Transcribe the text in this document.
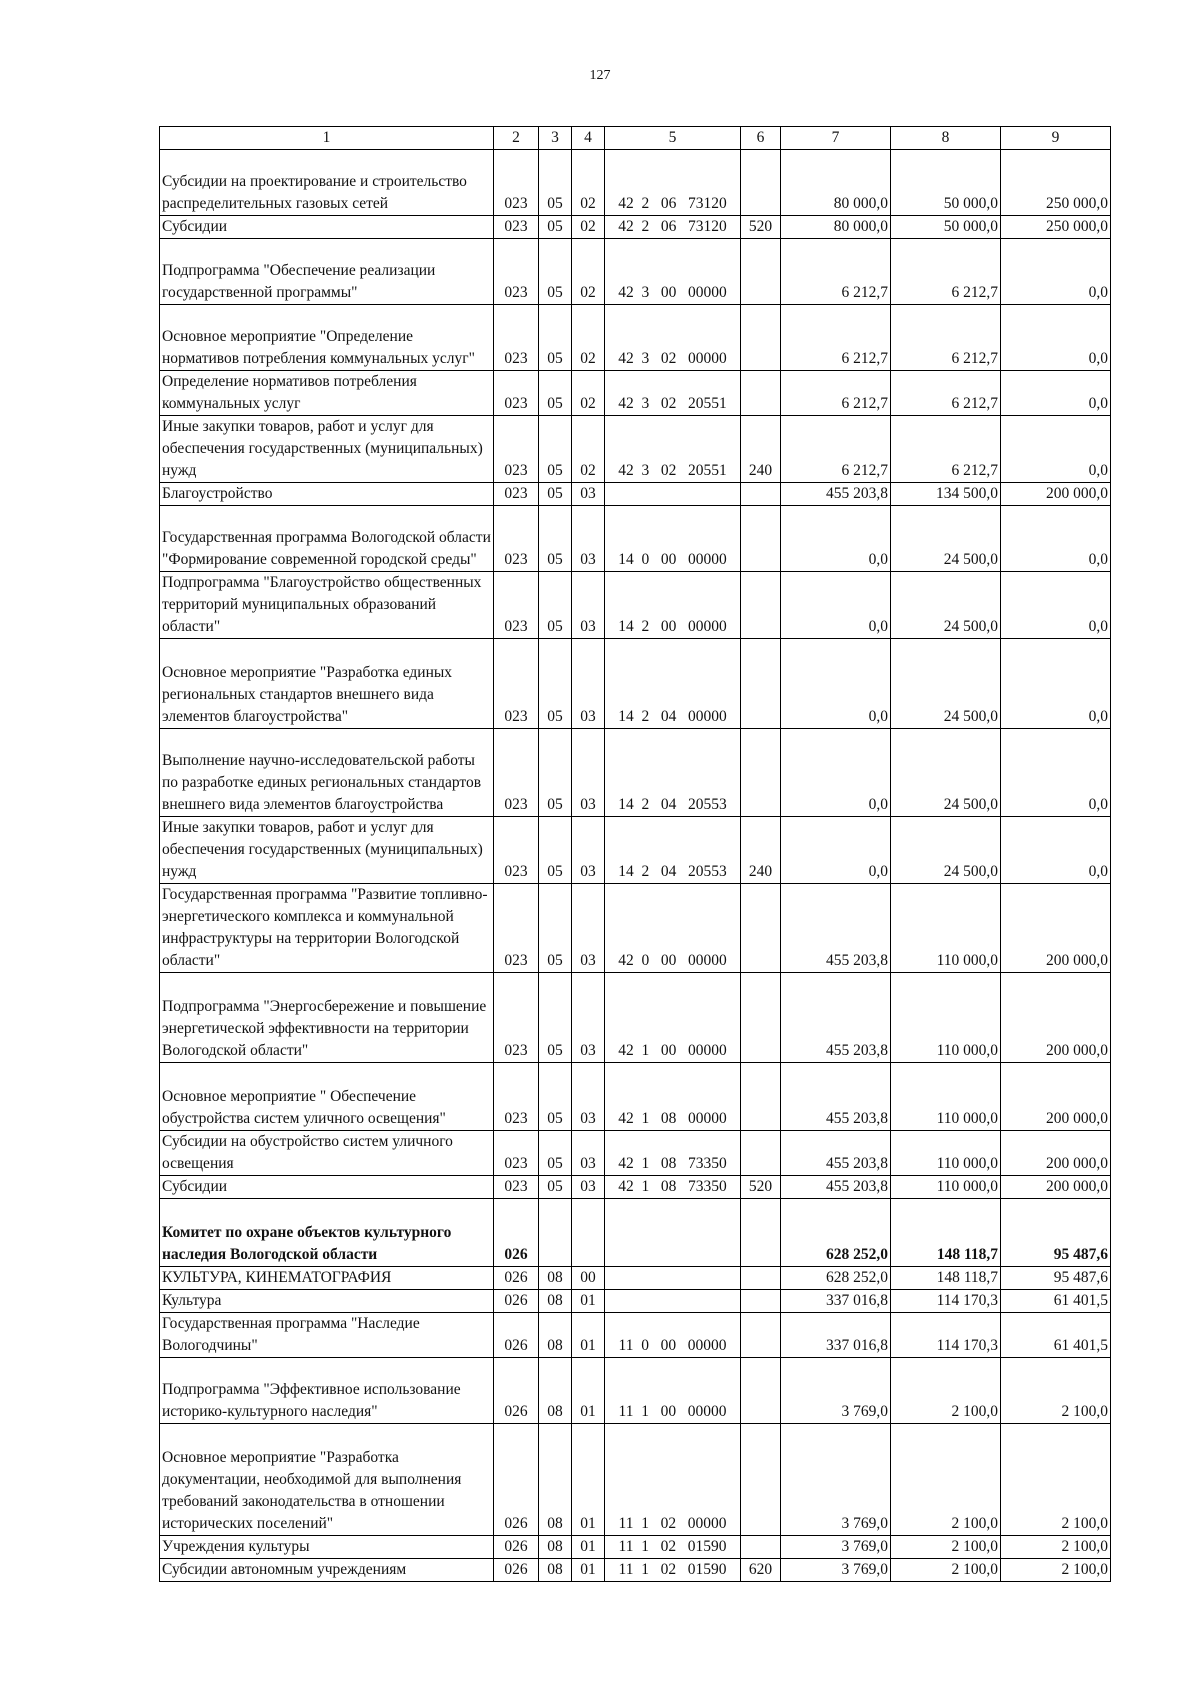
127
1	2	3	4	5	6	7	8	9
Субсидии на проектирование и строительство распределительных газовых сетей	023	05	02	42  2   06   73120		80 000,0	50 000,0	250 000,0
Субсидии	023	05	02	42  2   06   73120	520	80 000,0	50 000,0	250 000,0
Подпрограмма "Обеспечение реализации государственной программы"	023	05	02	42  3   00   00000		6 212,7	6 212,7	0,0
Основное мероприятие "Определение нормативов потребления коммунальных услуг"	023	05	02	42  3   02   00000		6 212,7	6 212,7	0,0
Определение нормативов потребления коммунальных услуг	023	05	02	42  3   02   20551		6 212,7	6 212,7	0,0
Иные закупки товаров, работ и услуг для обеспечения государственных (муниципальных) нужд	023	05	02	42  3   02   20551	240	6 212,7	6 212,7	0,0
Благоустройство	023	05	03			455 203,8	134 500,0	200 000,0
Государственная программа Вологодской области "Формирование современной городской среды"	023	05	03	14  0   00   00000		0,0	24 500,0	0,0
Подпрограмма "Благоустройство общественных территорий муниципальных образований области"	023	05	03	14  2   00   00000		0,0	24 500,0	0,0
Основное мероприятие "Разработка единых региональных стандартов внешнего вида элементов благоустройства"	023	05	03	14  2   04   00000		0,0	24 500,0	0,0
Выполнение научно-исследовательской работы по разработке единых региональных стандартов внешнего вида элементов благоустройства	023	05	03	14  2   04   20553		0,0	24 500,0	0,0
Иные закупки товаров, работ и услуг для обеспечения государственных (муниципальных) нужд	023	05	03	14  2   04   20553	240	0,0	24 500,0	0,0
Государственная программа "Развитие топливно-энергетического комплекса и коммунальной инфраструктуры на территории Вологодской области"	023	05	03	42  0   00   00000		455 203,8	110 000,0	200 000,0
Подпрограмма "Энергосбережение и повышение энергетической эффективности на территории Вологодской области"	023	05	03	42  1   00   00000		455 203,8	110 000,0	200 000,0
Основное мероприятие " Обеспечение обустройства систем уличного освещения"	023	05	03	42  1   08   00000		455 203,8	110 000,0	200 000,0
Субсидии на обустройство систем уличного освещения	023	05	03	42  1   08   73350		455 203,8	110 000,0	200 000,0
Субсидии	023	05	03	42  1   08   73350	520	455 203,8	110 000,0	200 000,0
Комитет по охране объектов культурного наследия Вологодской области	026					628 252,0	148 118,7	95 487,6
КУЛЬТУРА, КИНЕМАТОГРАФИЯ	026	08	00			628 252,0	148 118,7	95 487,6
Культура	026	08	01			337 016,8	114 170,3	61 401,5
Государственная программа "Наследие Вологодчины"	026	08	01	11  0   00   00000		337 016,8	114 170,3	61 401,5
Подпрограмма "Эффективное использование историко-культурного наследия"	026	08	01	11  1   00   00000		3 769,0	2 100,0	2 100,0
Основное мероприятие "Разработка документации, необходимой для выполнения требований законодательства в отношении исторических поселений"	026	08	01	11  1   02   00000		3 769,0	2 100,0	2 100,0
Учреждения культуры	026	08	01	11  1   02   01590		3 769,0	2 100,0	2 100,0
Субсидии автономным учреждениям	026	08	01	11  1   02   01590	620	3 769,0	2 100,0	2 100,0
